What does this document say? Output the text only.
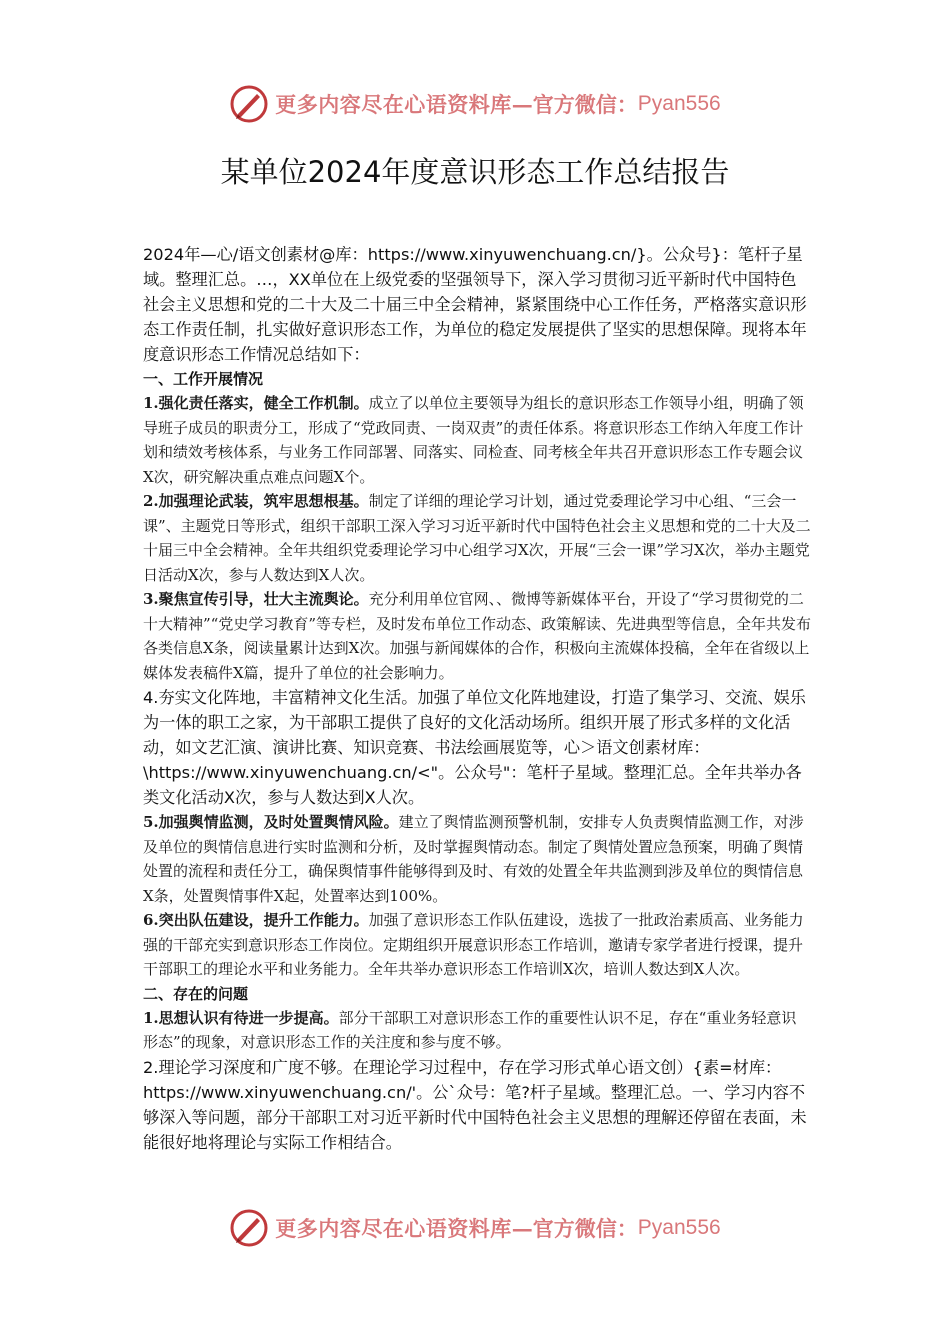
更多内容尽在心语资料库 — 官方微信： Pyan556
某单位2024年度意识形态工作总结报告

2024年—心/语文创素材@库：https://www.xinyuwenchuang.cn/}。公众号}：笔杆子星域。整理汇总。…，XX单位在上级党委的坚强领导下，深入学习贯彻习近平新时代中国特色社会主义思想和党的二十大及二十届三中全会精神，紧紧围绕中心工作任务，严格落实意识形态工作责任制，扎实做好意识形态工作，为单位的稳定发展提供了坚实的思想保障。现将本年度意识形态工作情况总结如下：

一、工作开展情况

1.强化责任落实，健全工作机制。成立了以单位主要领导为组长的意识形态工作领导小组，明确了领导班子成员的职责分工，形成了“党政同责、一岗双责”的责任体系。将意识形态工作纳入年度工作计划和绩效考核体系，与业务工作同部署、同落实、同检查、同考核全年共召开意识形态工作专题会议X次，研究解决重点难点问题X个。

2.加强理论武装，筑牢思想根基。制定了详细的理论学习计划，通过党委理论学习中心组、“三会一课”、主题党日等形式，组织干部职工深入学习习近平新时代中国特色社会主义思想和党的二十大及二十届三中全会精神。全年共组织党委理论学习中心组学习X次，开展“三会一课”学习X次，举办主题党日活动X次，参与人数达到X人次。

3.聚焦宣传引导，壮大主流舆论。充分利用单位官网、、微博等新媒体平台，开设了“学习贯彻党的二十大精神”“党史学习教育”等专栏，及时发布单位工作动态、政策解读、先进典型等信息，全年共发布各类信息X条，阅读量累计达到X次。加强与新闻媒体的合作，积极向主流媒体投稿，全年在省级以上媒体发表稿件X篇，提升了单位的社会影响力。

4.夯实文化阵地，丰富精神文化生活。加强了单位文化阵地建设，打造了集学习、交流、娱乐为一体的职工之家，为干部职工提供了良好的文化活动场所。组织开展了形式多样的文化活动，如文艺汇演、演讲比赛、知识竞赛、书法绘画展览等，心＞语文创素材库：\https://www.xinyuwenchuang.cn/<"。公众号"：笔杆子星域。整理汇总。全年共举办各类文化活动X次，参与人数达到X人次。

5.加强舆情监测，及时处置舆情风险。建立了舆情监测预警机制，安排专人负责舆情监测工作，对涉及单位的舆情信息进行实时监测和分析，及时掌握舆情动态。制定了舆情处置应急预案，明确了舆情处置的流程和责任分工，确保舆情事件能够得到及时、有效的处置全年共监测到涉及单位的舆情信息X条，处置舆情事件X起，处置率达到100%。

6.突出队伍建设，提升工作能力。加强了意识形态工作队伍建设，选拔了一批政治素质高、业务能力强的干部充实到意识形态工作岗位。定期组织开展意识形态工作培训，邀请专家学者进行授课，提升干部职工的理论水平和业务能力。全年共举办意识形态工作培训X次，培训人数达到X人次。

二、存在的问题

1.思想认识有待进一步提高。部分干部职工对意识形态工作的重要性认识不足，存在“重业务轻意识形态”的现象，对意识形态工作的关注度和参与度不够。

2.理论学习深度和广度不够。在理论学习过程中，存在学习形式单心语文创）{素=材库：https://www.xinyuwenchuang.cn/'。公`众号：笔?杆子星域。整理汇总。一、学习内容不够深入等问题，部分干部职工对习近平新时代中国特色社会主义思想的理解还停留在表面，未能很好地将理论与实际工作相结合。

更多内容尽在心语资料库 — 官方微信： Pyan556
